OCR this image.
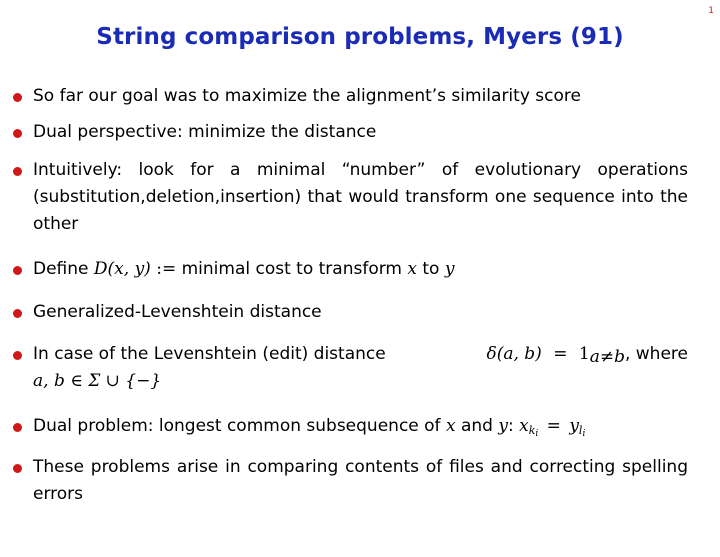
1
String comparison problems, Myers (91)
So far our goal was to maximize the alignment’s similarity score
Dual perspective: minimize the distance
Intuitively: look for a minimal “number” of evolutionary operations (substitution,deletion,insertion) that would transform one sequence into the other
Define D(x, y) := minimal cost to transform x to y
Generalized-Levenshtein distance
In case of the Levenshtein (edit) distance	δ(a, $b) = 1_{a\ne b}$, where
a, b ∈ Σ ∪ {−}
Dual problem: longest common subsequence of x and y: $x_{k_i} = y_{l_i}$
These problems arise in comparing contents of files and correcting spelling errors
